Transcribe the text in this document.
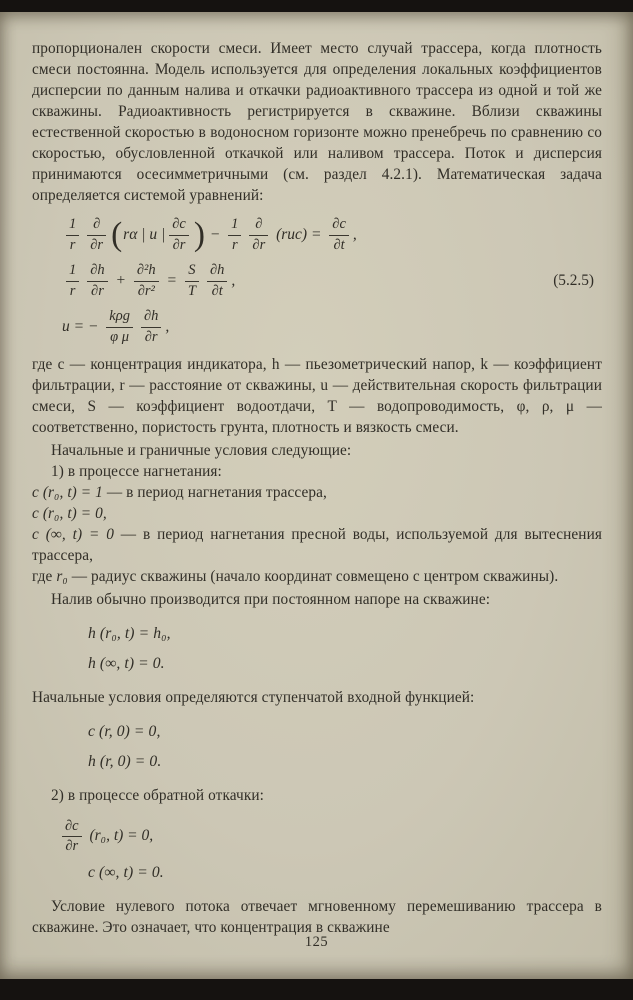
пропорционален скорости смеси. Имеет место случай трассера, когда плотность смеси постоянна. Модель используется для определения локальных коэффициентов дисперсии по данным налива и откачки радиоактивного трассера из одной и той же скважины. Радиоактивность регистрируется в скважине. Вблизи скважины естественной скоростью в водоносном горизонте можно пренебречь по сравнению со скоростью, обусловленной откачкой или наливом трассера. Поток и дисперсия принимаются осесимметричными (см. раздел 4.2.1). Математическая задача определяется системой уравнений:

$\frac{1}{r} \frac{\partial}{\partial r}$ ( rα | u | $\frac{\partial c}{\partial r}$ ) − $\frac{1}{r} \frac{\partial}{\partial r} (ruc) = \frac{\partial c}{\partial t}$ ,
$\frac{1}{r} \frac{\partial h}{\partial r} + \frac{\text{∂²h}}{\text{∂r²}} = \frac{S}{T} \frac{\partial h}{\partial t}$ ,	(5.2.5)
u = − $\frac{\text{kρg}}{\text{φ μ}} \frac{\partial h}{\partial r}$ ,

где c — концентрация индикатора, h — пьезометрический напор, k — коэффициент фильтрации, r — расстояние от скважины, u — действительная скорость фильтрации смеси, S — коэффициент водоотдачи, T — водопроводимость, φ, ρ, μ — соответственно, пористость грунта, плотность и вязкость смеси.

Начальные и граничные условия следующие:

1) в процессе нагнетания:

c (r₀, t) = 1 — в период нагнетания трассера,

c (r₀, t) = 0,

c (∞, t) = 0 — в период нагнетания пресной воды, используемой для вытеснения трассера,

где r₀ — радиус скважины (начало координат совмещено с центром скважины).

Налив обычно производится при постоянном напоре на скважине:

h (r₀, t) = h₀,

h (∞, t) = 0.

Начальные условия определяются ступенчатой входной функцией:

c (r, 0) = 0,

h (r, 0) = 0.

2) в процессе обратной откачки:

$\frac{\partial c}{\partial r} (r_0$, t) = 0,

c (∞, t) = 0.

Условие нулевого потока отвечает мгновенному перемешиванию трассера в скважине. Это означает, что концентрация в скважине

125
